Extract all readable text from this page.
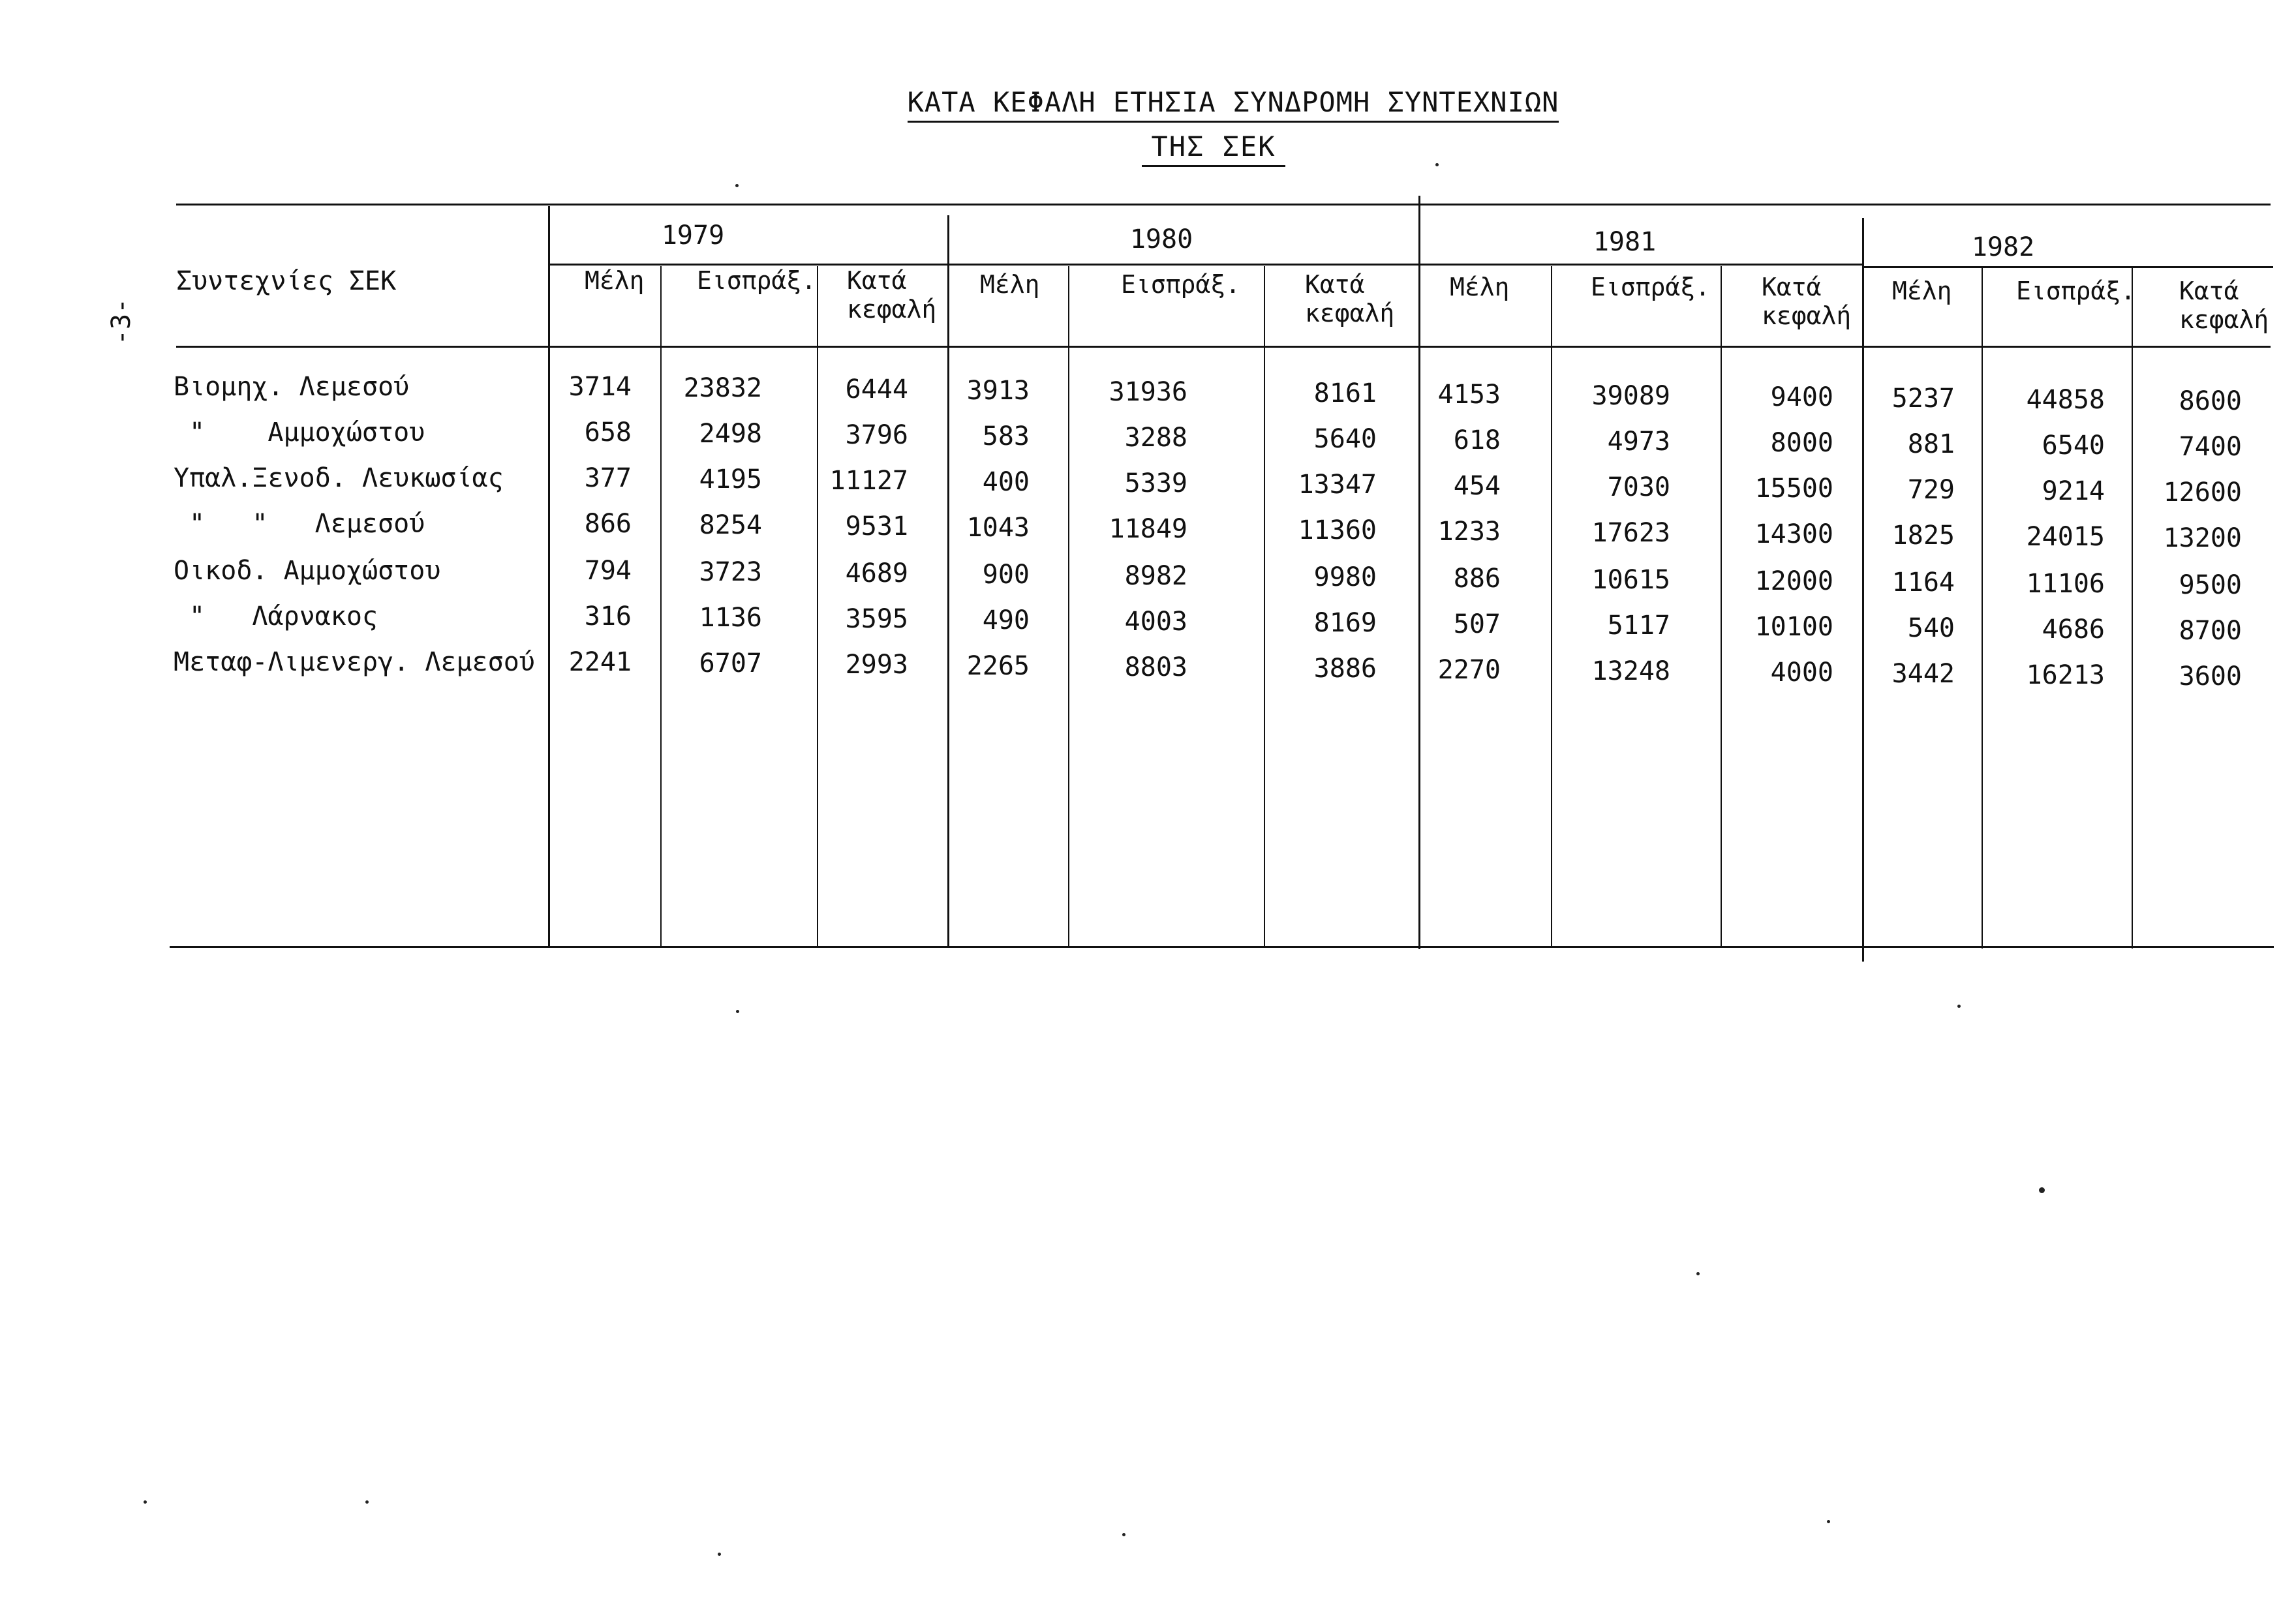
-3-
ΚΑΤΑ ΚΕΦΑΛΗ ΕΤΗΣΙΑ ΣΥΝΔΡΟΜΗ ΣΥΝΤΕΧΝΙΩΝ
ΤΗΣ ΣΕΚ
Συντεχνίες ΣΕΚ
1979	1980	1981	1982
Μέλη Εισπράξ. Κατά
κεφαλή
Μέλη	Εισπράξ.	Κατά
κεφαλή
Μέλη	Εισπράξ. Κατά
κεφαλή
Μέλη	Εισπράξ. Κατά
κεφαλή
Βιομηχ. Λεμεσού	3714	23832	6444	3913	31936	8161	4153	39089	9400	5237	44858	8600
"    Αμμοχώστου	658	2498	3796	583	3288	5640	618	4973	8000	881	6540	7400
Υπαλ.Ξενοδ. Λευκωσίας	377	4195	11127	400	5339	13347	454	7030	15500	729	9214	12600
"   "   Λεμεσού	866	8254	9531	1043	11849	11360	1233	17623	14300	1825	24015	13200
Οικοδ. Αμμοχώστου	794	3723	4689	900	8982	9980	886	10615	12000	1164	11106	9500
"   Λάρνακος	316	1136	3595	490	4003	8169	507	5117	10100	540	4686	8700
Μεταφ-Λιμενεργ. Λεμεσού	2241	6707	2993	2265	8803	3886	2270	13248	4000	3442	16213	3600
